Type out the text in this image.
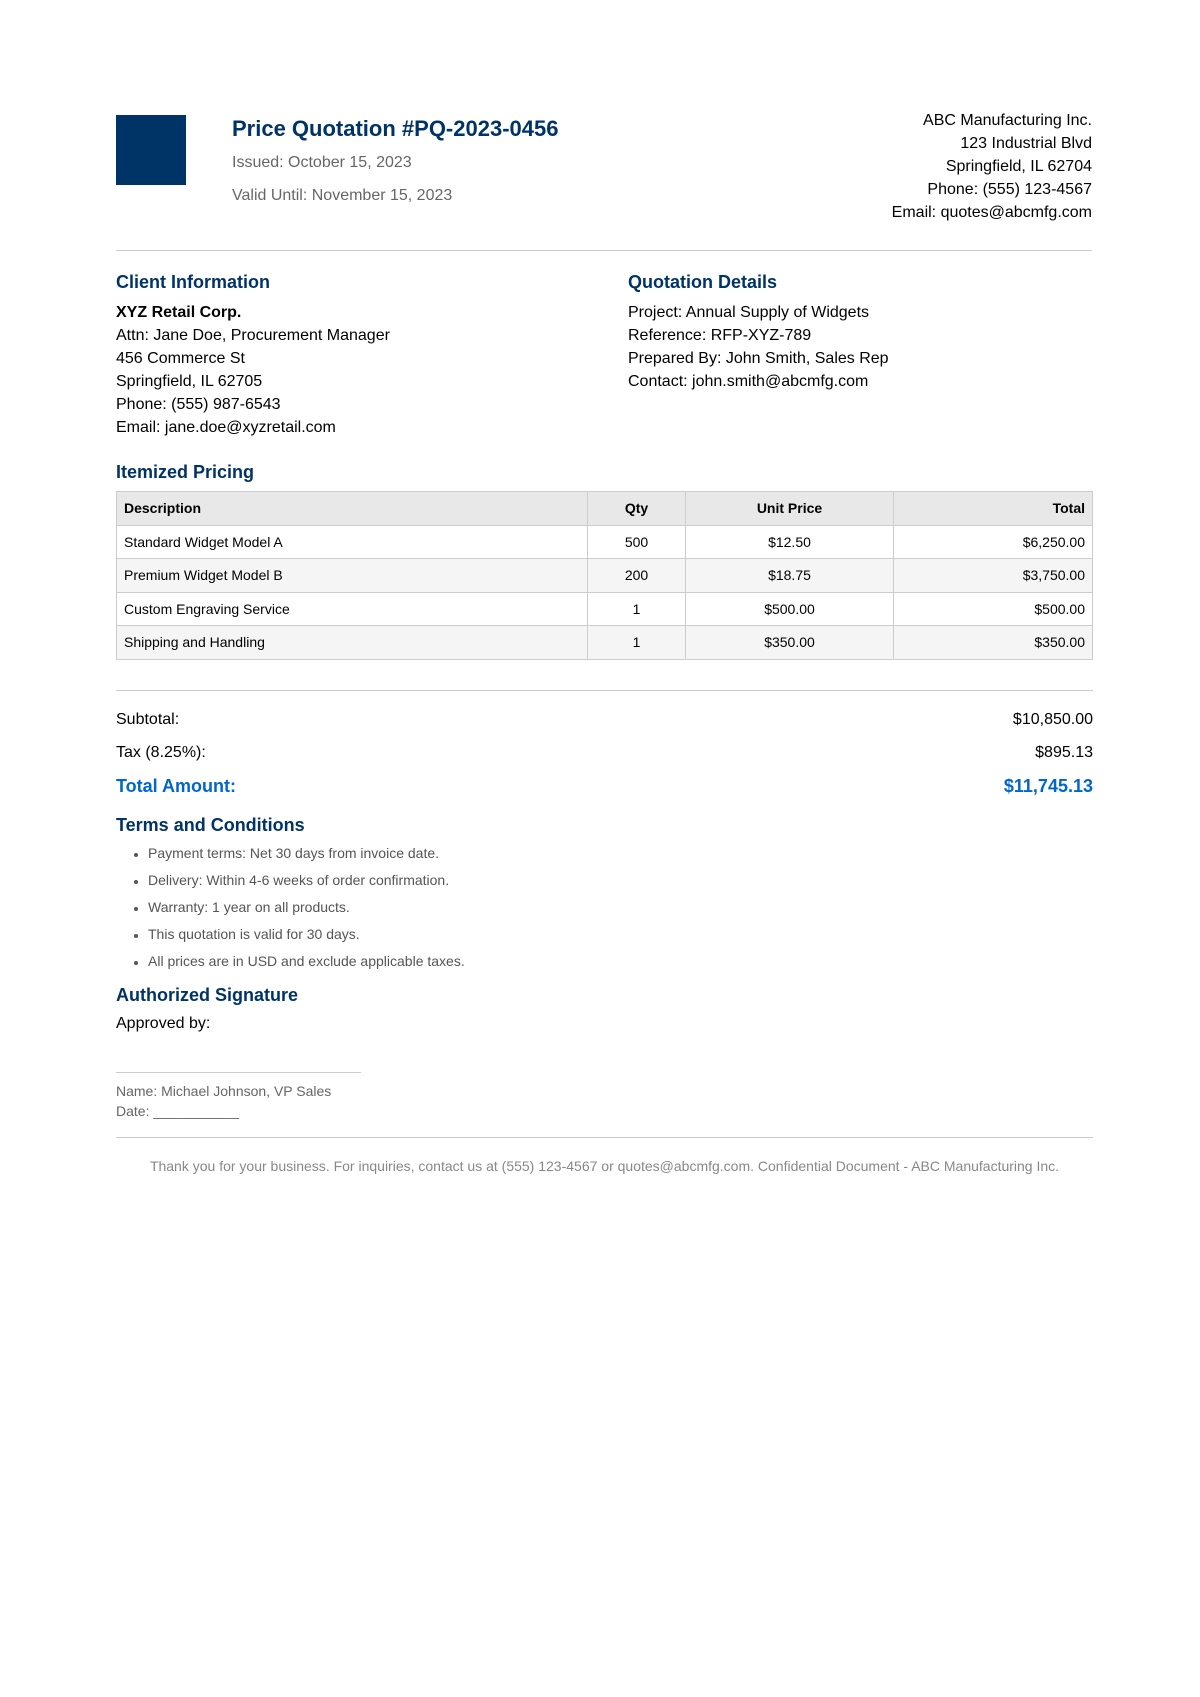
Price Quotation #PQ-2023-0456
Issued: October 15, 2023
Valid Until: November 15, 2023
ABC Manufacturing Inc.
123 Industrial Blvd
Springfield, IL 62704
Phone: (555) 123-4567
Email: quotes@abcmfg.com
Client Information
XYZ Retail Corp.
Attn: Jane Doe, Procurement Manager
456 Commerce St
Springfield, IL 62705
Phone: (555) 987-6543
Email: jane.doe@xyzretail.com
Quotation Details
Project: Annual Supply of Widgets
Reference: RFP-XYZ-789
Prepared By: John Smith, Sales Rep
Contact: john.smith@abcmfg.com
Itemized Pricing
Description	Qty	Unit Price	Total
Standard Widget Model A	500	$12.50	$6,250.00
Premium Widget Model B	200	$18.75	$3,750.00
Custom Engraving Service	1	$500.00	$500.00
Shipping and Handling	1	$350.00	$350.00
Subtotal:	$10,850.00
Tax (8.25%):	$895.13
Total Amount:	$11,745.13
Terms and Conditions
• Payment terms: Net 30 days from invoice date.
• Delivery: Within 4-6 weeks of order confirmation.
• Warranty: 1 year on all products.
• This quotation is valid for 30 days.
• All prices are in USD and exclude applicable taxes.
Authorized Signature
Approved by:
Name: Michael Johnson, VP Sales
Date: ___________
Thank you for your business. For inquiries, contact us at (555) 123-4567 or quotes@abcmfg.com. Confidential Document - ABC Manufacturing Inc.
